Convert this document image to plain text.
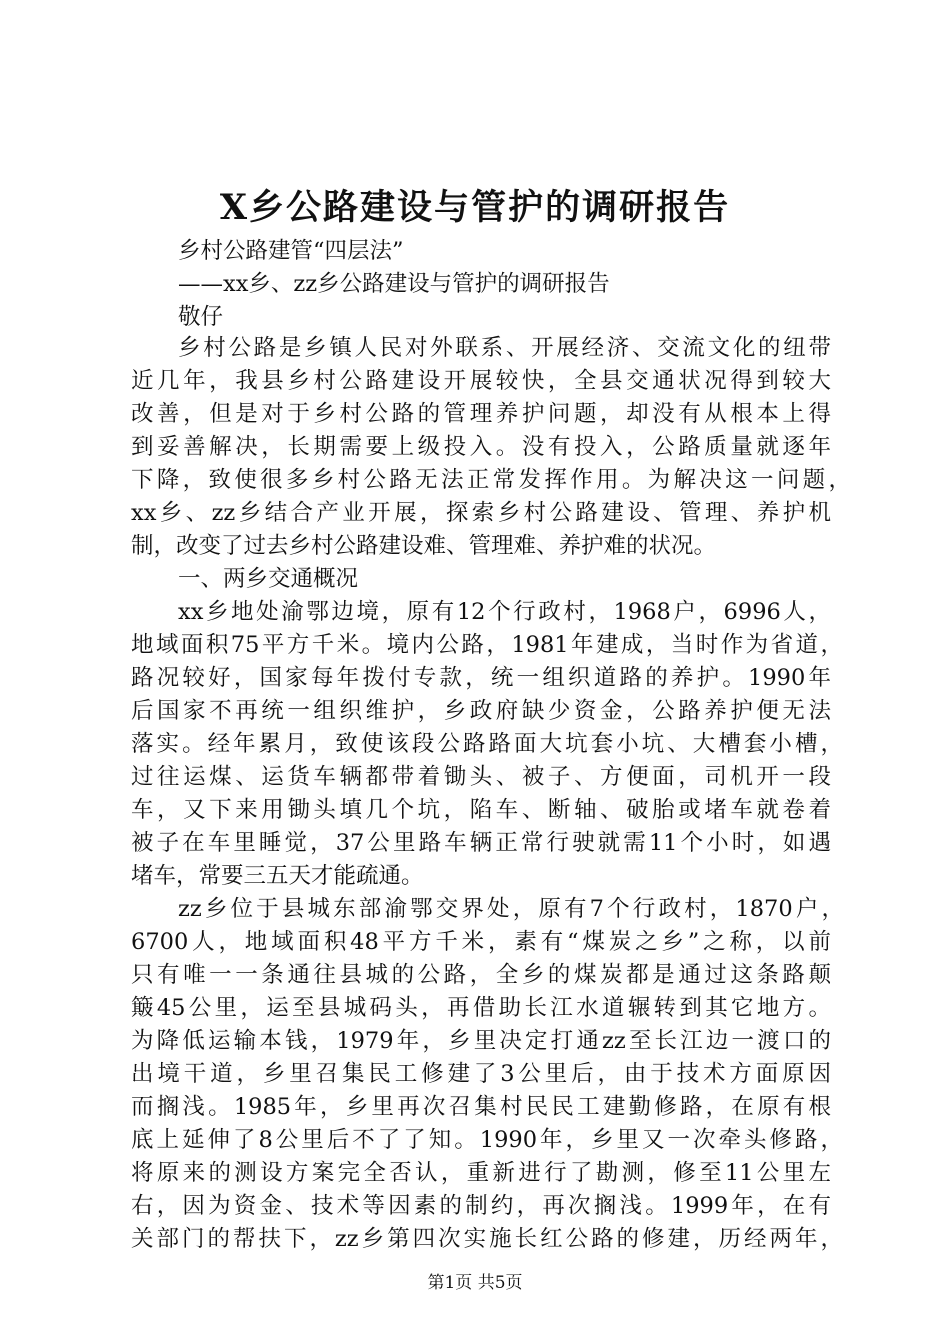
X乡公路建设与管护的调研报告
乡村公路建管“四层法”
——xx乡、zz乡公路建设与管护的调研报告
敬仔
乡村公路是乡镇人民对外联系、开展经济、交流文化的纽带
近几年，我县乡村公路建设开展较快，全县交通状况得到较大
改善，但是对于乡村公路的管理养护问题，却没有从根本上得
到妥善解决，长期需要上级投入。没有投入，公路质量就逐年
下降，致使很多乡村公路无法正常发挥作用。为解决这一问题，
xx乡、zz乡结合产业开展，探索乡村公路建设、管理、养护机
制，改变了过去乡村公路建设难、管理难、养护难的状况。
一、两乡交通概况
xx乡地处渝鄂边境，原有12个行政村，1968户，6996人，
地域面积75平方千米。境内公路，1981年建成，当时作为省道，
路况较好，国家每年拨付专款，统一组织道路的养护。1990年
后国家不再统一组织维护，乡政府缺少资金，公路养护便无法
落实。经年累月，致使该段公路路面大坑套小坑、大槽套小槽，
过往运煤、运货车辆都带着锄头、被子、方便面，司机开一段
车，又下来用锄头填几个坑，陷车、断轴、破胎或堵车就卷着
被子在车里睡觉，37公里路车辆正常行驶就需11个小时，如遇
堵车，常要三五天才能疏通。
zz乡位于县城东部渝鄂交界处，原有7个行政村，1870户，
6700人，地域面积48平方千米，素有“煤炭之乡”之称，以前
只有唯一一条通往县城的公路，全乡的煤炭都是通过这条路颠
簸45公里，运至县城码头，再借助长江水道辗转到其它地方。
为降低运输本钱，1979年，乡里决定打通zz至长江边一渡口的
出境干道，乡里召集民工修建了3公里后，由于技术方面原因
而搁浅。1985年，乡里再次召集村民民工建勤修路，在原有根
底上延伸了8公里后不了了知。1990年，乡里又一次牵头修路，
将原来的测设方案完全否认，重新进行了勘测，修至11公里左
右，因为资金、技术等因素的制约，再次搁浅。1999年，在有
关部门的帮扶下，zz乡第四次实施长红公路的修建，历经两年，
第1页 共5页
